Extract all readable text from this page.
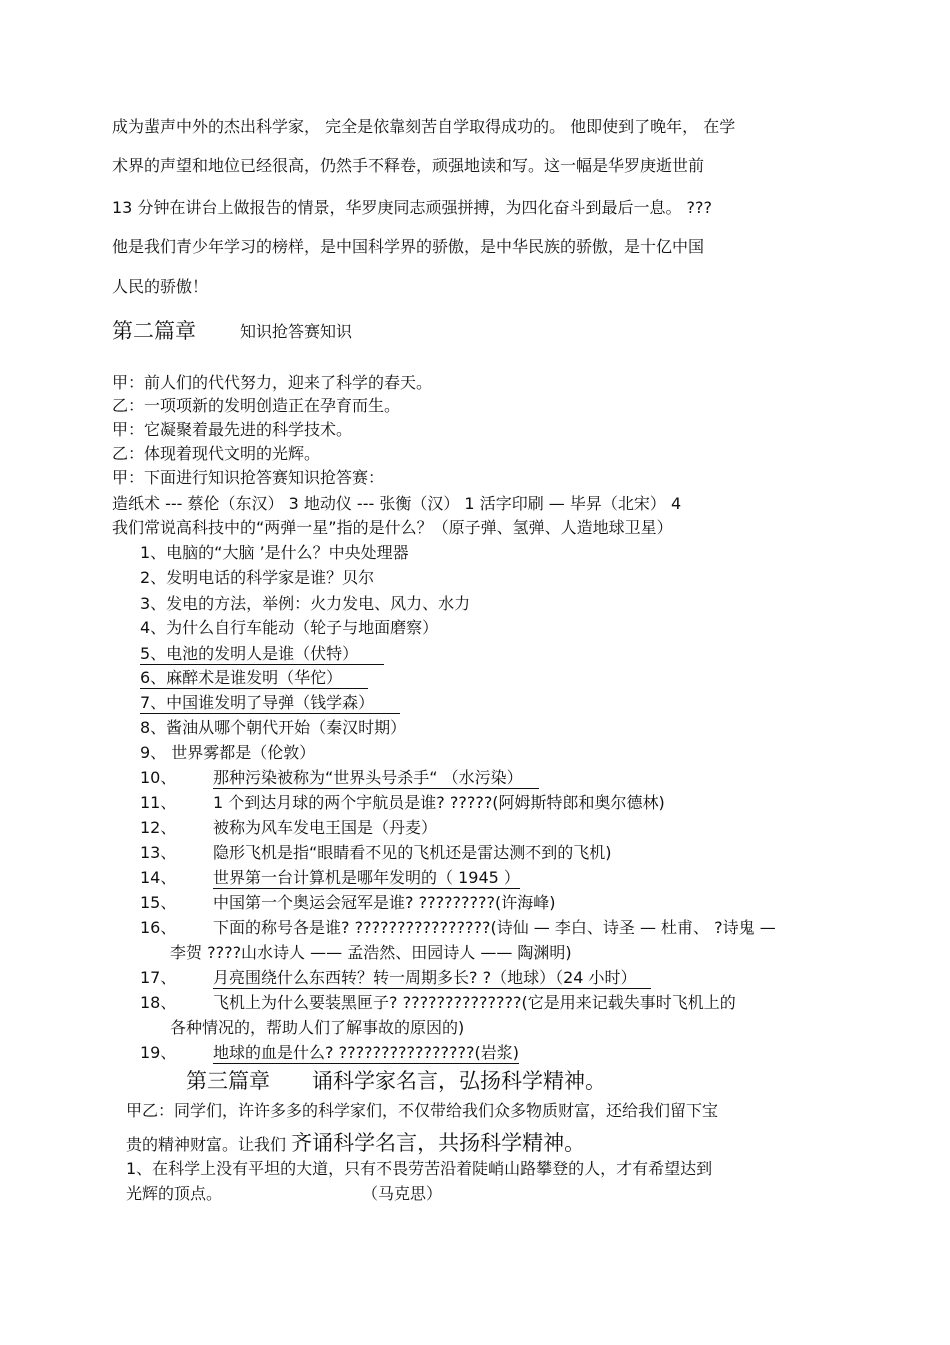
成为蜚声中外的杰出科学家， 完全是依靠刻苦自学取得成功的。 他即使到了晚年， 在学
术界的声望和地位已经很高，仍然手不释卷，顽强地读和写。这一幅是华罗庚逝世前
13 分钟在讲台上做报告的情景，华罗庚同志顽强拼搏，为四化奋斗到最后一息。 ???
他是我们青少年学习的榜样，是中国科学界的骄傲，是中华民族的骄傲，是十亿中国
人民的骄傲！
第二篇章	知识抢答赛知识
甲：前人们的代代努力，迎来了科学的春天。
乙：一项项新的发明创造正在孕育而生。
甲：它凝聚着最先进的科学技术。
乙：体现着现代文明的光辉。
甲：下面进行知识抢答赛知识抢答赛：
造纸术 --- 蔡伦（东汉） 3 地动仪 --- 张衡（汉） 1 活字印刷 — 毕昇（北宋） 4
我们常说高科技中的“两弹一星”指的是什么？（原子弹、氢弹、人造地球卫星）
1、电脑的“大脑 ’是什么？中央处理器
2、发明电话的科学家是谁？贝尔
3、发电的方法，举例：火力发电、风力、水力
4、为什么自行车能动（轮子与地面磨察）
5、电池的发明人是谁（伏特）
6、麻醉术是谁发明（华佗）
7、中国谁发明了导弹（钱学森）
8、酱油从哪个朝代开始（秦汉时期）
9、 世界雾都是（伦敦）
10、 那种污染被称为“世界头号杀手“ （水污染）
11、 1 个到达月球的两个宇航员是谁? ?????(阿姆斯特郎和奥尔德林)
12、 被称为风车发电王国是（丹麦）
13、 隐形飞机是指“眼睛看不见的飞机还是雷达测不到的飞机)
14、 世界第一台计算机是哪年发明的（ 1945 ）
15、 中国第一个奥运会冠军是谁? ?????????(许海峰)
16、 下面的称号各是谁? ????????????????(诗仙 — 李白、诗圣 — 杜甫、 ?诗鬼 —
李贺 ????山水诗人 —— 孟浩然、田园诗人 —— 陶渊明)
17、 月亮围绕什么东西转？转一周期多长? ?（地球）（24 小时）
18、 飞机上为什么要装黑匣子? ??????????????(它是用来记载失事时飞机上的
各种情况的，帮助人们了解事故的原因的)
19、 地球的血是什么? ????????????????(岩浆)
第三篇章 诵科学家名言，弘扬科学精神。
甲乙：同学们，许许多多的科学家们，不仅带给我们众多物质财富，还给我们留下宝
贵的精神财富。让我们 齐诵科学名言，共扬科学精神。
1、在科学上没有平坦的大道，只有不畏劳苦沿着陡峭山路攀登的人，才有希望达到
光辉的顶点。	（马克思）
